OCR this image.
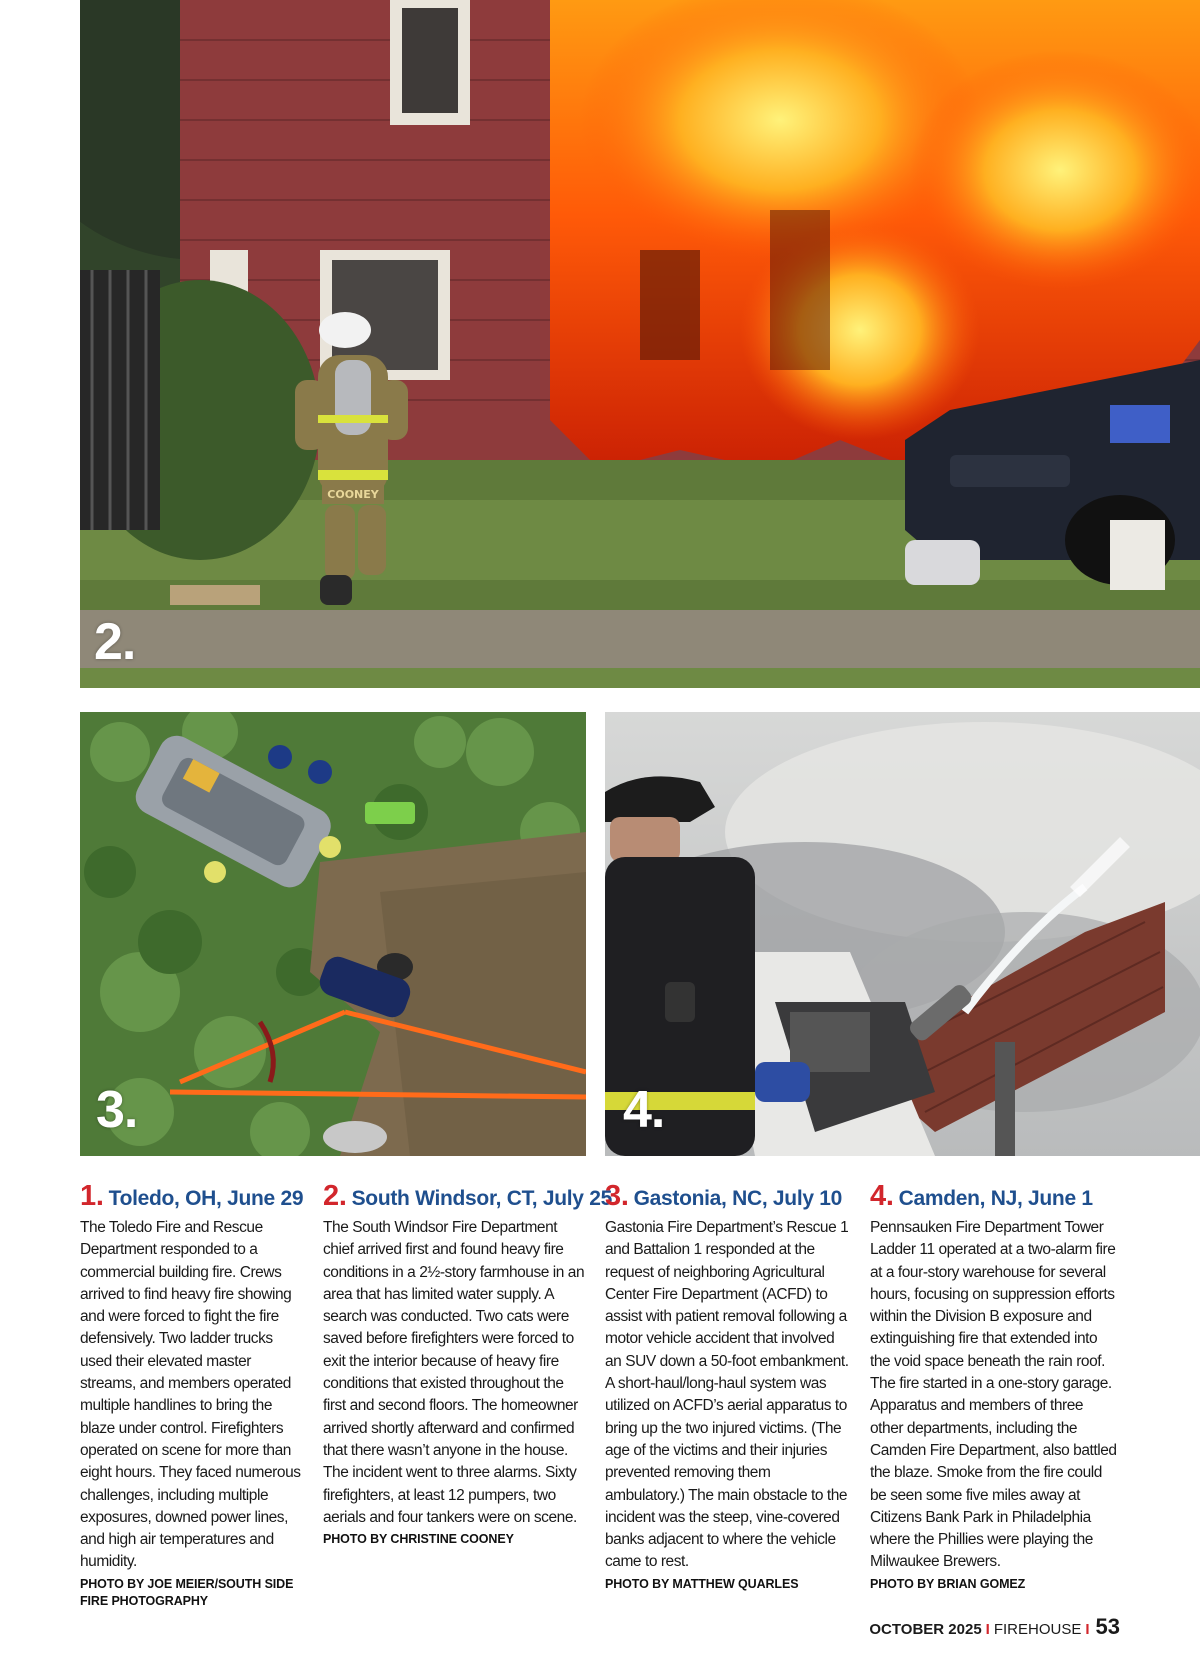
COONEY
2.
3.	4.
1. Toledo, OH, June 29

The Toledo Fire and Rescue Department responded to a commercial building fire. Crews arrived to find heavy fire showing and were forced to fight the fire defensively. Two ladder trucks used their elevated master streams, and members operated multiple handlines to bring the blaze under control. Firefighters operated on scene for more than eight hours. They faced numerous challenges, including multiple exposures, downed power lines, and high air temperatures and humidity.

PHOTO BY JOE MEIER/SOUTH SIDE FIRE PHOTOGRAPHY

2. South Windsor, CT, July 25

The South Windsor Fire Department chief arrived first and found heavy fire conditions in a 2½-story farmhouse in an area that has limited water supply. A search was conducted. Two cats were saved before firefighters were forced to exit the interior because of heavy fire conditions that existed throughout the first and second floors. The homeowner arrived shortly afterward and confirmed that there wasn’t anyone in the house. The incident went to three alarms. Sixty firefighters, at least 12 pumpers, two aerials and four tankers were on scene.

PHOTO BY CHRISTINE COONEY

3. Gastonia, NC, July 10

Gastonia Fire Department’s Rescue 1 and Battalion 1 responded at the request of neighboring Agricultural Center Fire Department (ACFD) to assist with patient removal following a motor vehicle accident that involved an SUV down a 50-foot embankment. A short-haul/long-haul system was utilized on ACFD’s aerial apparatus to bring up the two injured victims. (The age of the victims and their injuries prevented removing them ambulatory.) The main obstacle to the incident was the steep, vine-covered banks adjacent to where the vehicle came to rest.

PHOTO BY MATTHEW QUARLES

4. Camden, NJ, June 1

Pennsauken Fire Department Tower Ladder 11 operated at a two-alarm fire at a four-story warehouse for several hours, focusing on suppression efforts within the Division B exposure and extinguishing fire that extended into the void space beneath the rain roof. The fire started in a one-story garage. Apparatus and members of three other departments, including the Camden Fire Department, also battled the blaze. Smoke from the fire could be seen some five miles away at Citizens Bank Park in Philadelphia where the Phillies were playing the Milwaukee Brewers.

PHOTO BY BRIAN GOMEZ

OCTOBER 2025 I FIREHOUSE I 53
